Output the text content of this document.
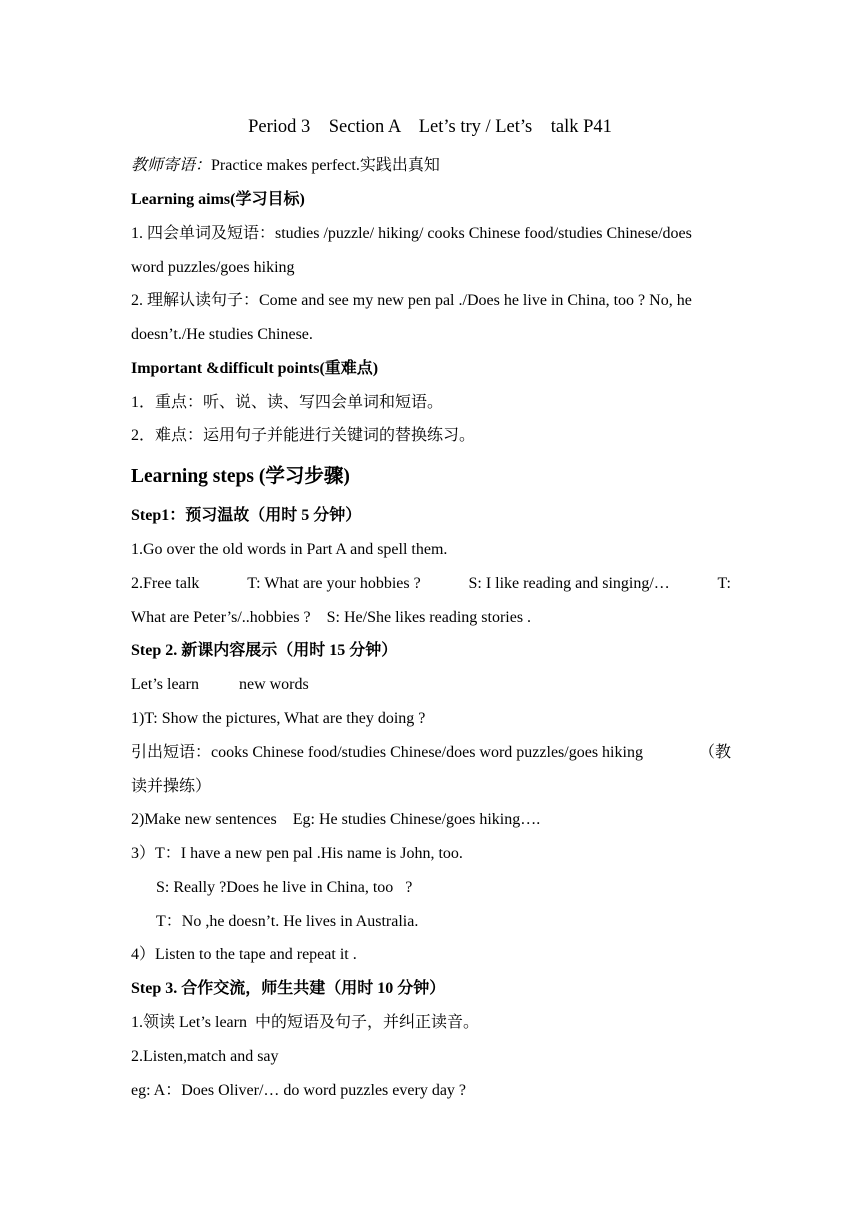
Period 3    Section A    Let’s try / Let’s    talk P41
教师寄语：Practice makes perfect.实践出真知
Learning aims(学习目标)
1. 四会单词及短语：studies /puzzle/ hiking/ cooks Chinese food/studies Chinese/does
word puzzles/goes hiking
2. 理解认读句子：Come and see my new pen pal ./Does he live in China, too ? No, he
doesn’t./He studies Chinese.
Important &difficult points(重难点)
1．重点：听、说、读、写四会单词和短语。
2．难点：运用句子并能进行关键词的替换练习。
Learning steps (学习步骤)
Step1：预习温故（用时 5 分钟）
1.Go over the old words in Part A and spell them.
2.Free talk	T: What are your hobbies ?	S: I like reading and singing/…	T:
What are Peter’s/..hobbies ?    S: He/She likes reading stories .
Step 2. 新课内容展示（用时 15 分钟）
Let’s learn          new words
1)T: Show the pictures, What are they doing ?
引出短语：cooks Chinese food/studies Chinese/does word puzzles/goes hiking	（教
读并操练）
2)Make new sentences    Eg: He studies Chinese/goes hiking….
3）T：I have a new pen pal .His name is John, too.
S: Really ?Does he live in China, too   ?
T：No ,he doesn’t. He lives in Australia.
4）Listen to the tape and repeat it .
Step 3. 合作交流，师生共建（用时 10 分钟）
1.领读 Let’s learn  中的短语及句子，并纠正读音。
2.Listen,match and say
eg: A：Does Oliver/… do word puzzles every day ?
